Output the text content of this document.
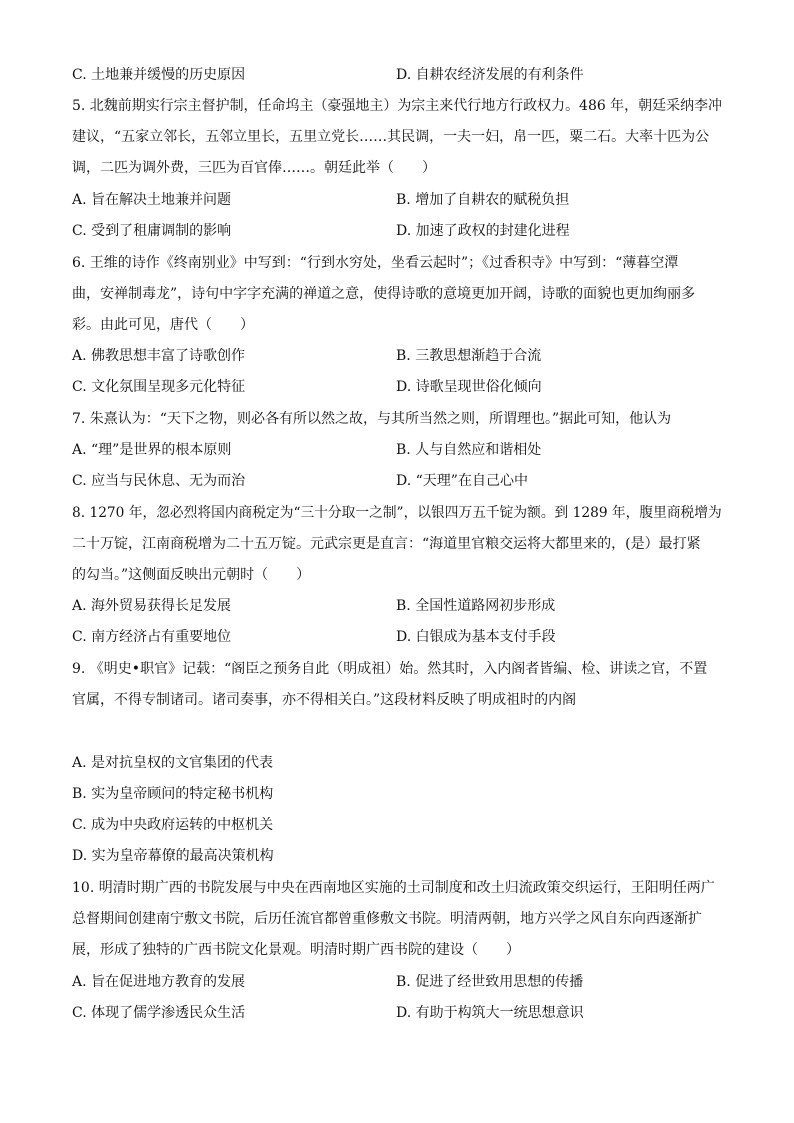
C. 土地兼并缓慢的历史原因	D. 自耕农经济发展的有利条件
5. 北魏前期实行宗主督护制，任命坞主（豪强地主）为宗主来代行地方行政权力。486 年，朝廷采纳李冲
建议，“五家立邻长，五邻立里长，五里立党长……其民调，一夫一妇，帛一匹，粟二石。大率十匹为公
调，二匹为调外费，三匹为百官俸……。朝廷此举（　　）
A. 旨在解决土地兼并问题	B. 增加了自耕农的赋税负担
C. 受到了租庸调制的影响	D. 加速了政权的封建化进程
6. 王维的诗作《终南别业》中写到：“行到水穷处，坐看云起时”；《过香积寺》中写到：“薄暮空潭
曲，安禅制毒龙”，诗句中字字充满的禅道之意，使得诗歌的意境更加开阔，诗歌的面貌也更加绚丽多
彩。由此可见，唐代（　　）
A. 佛教思想丰富了诗歌创作	B. 三教思想渐趋于合流
C. 文化氛围呈现多元化特征	D. 诗歌呈现世俗化倾向
7. 朱熹认为：“天下之物，则必各有所以然之故，与其所当然之则，所谓理也。”据此可知，他认为
A. “理”是世界的根本原则	B. 人与自然应和谐相处
C. 应当与民休息、无为而治	D. “天理”在自己心中
8. 1270 年，忽必烈将国内商税定为“三十分取一之制”，以银四万五千锭为额。到 1289 年，腹里商税增为
二十万锭，江南商税增为二十五万锭。元武宗更是直言：“海道里官粮交运将大都里来的，(是）最打紧
的勾当。”这侧面反映出元朝时（　　）
A. 海外贸易获得长足发展	B. 全国性道路网初步形成
C. 南方经济占有重要地位	D. 白银成为基本支付手段
9. 《明史•职官》记载：“阁臣之预务自此（明成祖）始。然其时，入内阁者皆编、检、讲读之官，不置
官属，不得专制诸司。诸司奏事，亦不得相关白。”这段材料反映了明成祖时的内阁
A. 是对抗皇权的文官集团的代表
B. 实为皇帝顾问的特定秘书机构
C. 成为中央政府运转的中枢机关
D. 实为皇帝幕僚的最高决策机构
10. 明清时期广西的书院发展与中央在西南地区实施的土司制度和改土归流政策交织运行，王阳明任两广
总督期间创建南宁敷文书院，后历任流官都曾重修敷文书院。明清两朝，地方兴学之风自东向西逐渐扩
展，形成了独特的广西书院文化景观。明清时期广西书院的建设（　　）
A. 旨在促进地方教育的发展	B. 促进了经世致用思想的传播
C. 体现了儒学渗透民众生活	D. 有助于构筑大一统思想意识
